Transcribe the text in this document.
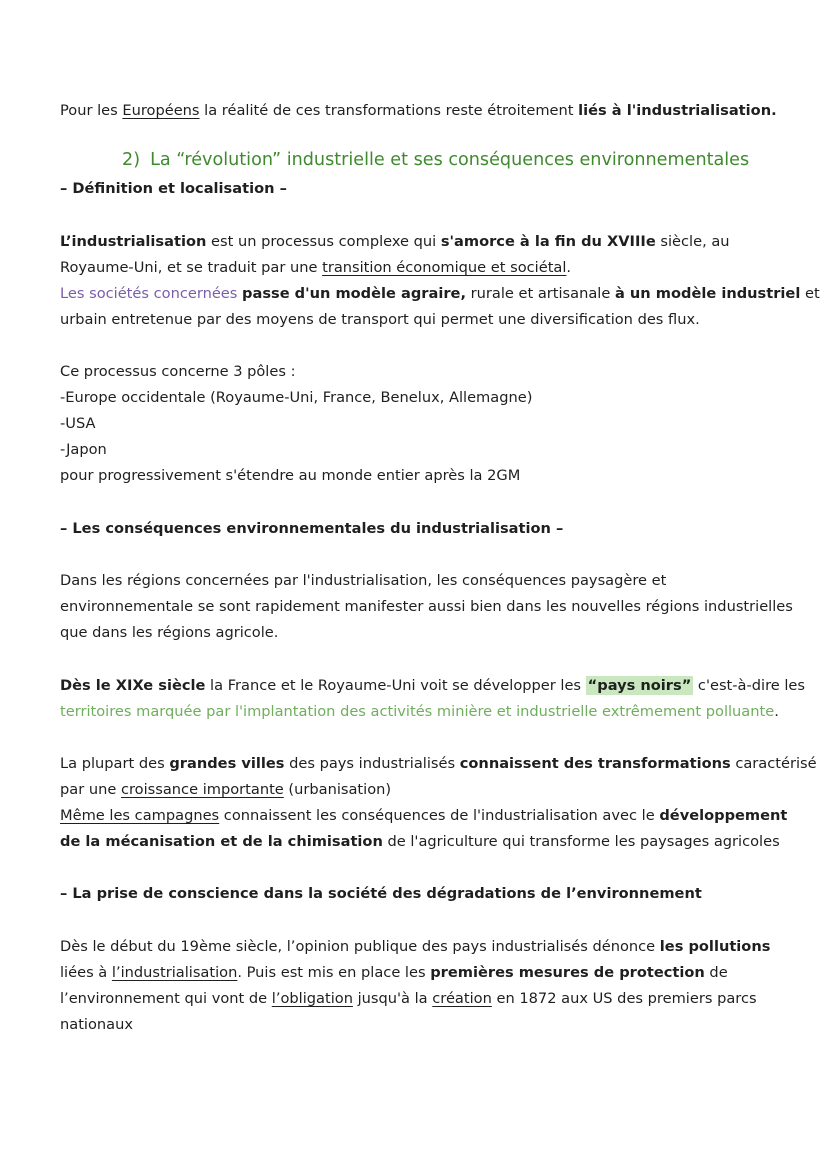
Pour les Européens la réalité de ces transformations reste étroitement liés à l'industrialisation.
2) La “révolution” industrielle et ses conséquences environnementales
– Définition et localisation –
L’industrialisation est un processus complexe qui s'amorce à la fin du XVIIIe siècle, au
Royaume-Uni, et se traduit par une transition économique et sociétal.
Les sociétés concernées passe d'un modèle agraire, rurale et artisanale à un modèle industriel et
urbain entretenue par des moyens de transport qui permet une diversification des flux.
Ce processus concerne 3 pôles :
-Europe occidentale (Royaume-Uni, France, Benelux, Allemagne)
-USA
-Japon
pour progressivement s'étendre au monde entier après la 2GM
– Les conséquences environnementales du industrialisation –
Dans les régions concernées par l'industrialisation, les conséquences paysagère et
environnementale se sont rapidement manifester aussi bien dans les nouvelles régions industrielles
que dans les régions agricole.
Dès le XIXe siècle la France et le Royaume-Uni voit se développer les “pays noirs” c'est-à-dire les
territoires marquée par l'implantation des activités minière et industrielle extrêmement polluante.
La plupart des grandes villes des pays industrialisés connaissent des transformations caractérisé
par une croissance importante (urbanisation)
Même les campagnes connaissent les conséquences de l'industrialisation avec le développement
de la mécanisation et de la chimisation de l'agriculture qui transforme les paysages agricoles
– La prise de conscience dans la société des dégradations de l’environnement
Dès le début du 19ème siècle, l’opinion publique des pays industrialisés dénonce les pollutions
liées à l’industrialisation. Puis est mis en place les premières mesures de protection de
l’environnement qui vont de l’obligation jusqu'à la création en 1872 aux US des premiers parcs
nationaux
